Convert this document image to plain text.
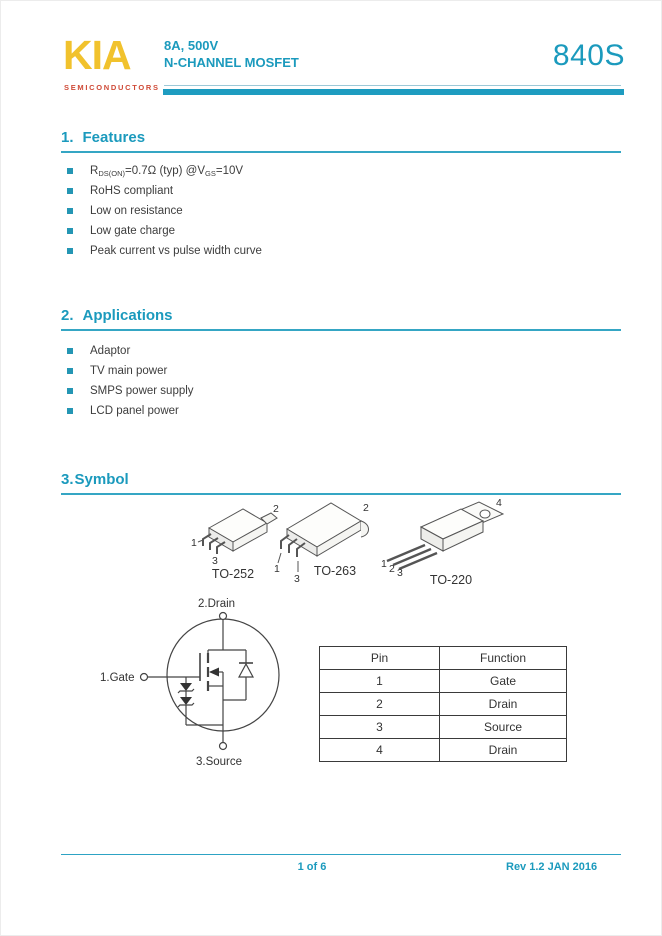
KIA
SEMICONDUCTORS
8A, 500V
N-CHANNEL MOSFET	840S
1. Features
$R_{DS(ON)}=0.7\Omega$ (typ) $@V_{GS}=10V$
RoHS compliant
Low on resistance
Low gate charge
Peak current vs pulse width curve
2. Applications
Adaptor
TV main power
SMPS power supply
LCD panel power
3.Symbol
1
2
3
TO-252 1
2
3
TO-263 1 2 3
4
TO-220
2.Drain
1.Gate
3.Source
Pin	Function
1	Gate
2	Drain
3	Source
4	Drain
1 of 6	Rev 1.2 JAN 2016
